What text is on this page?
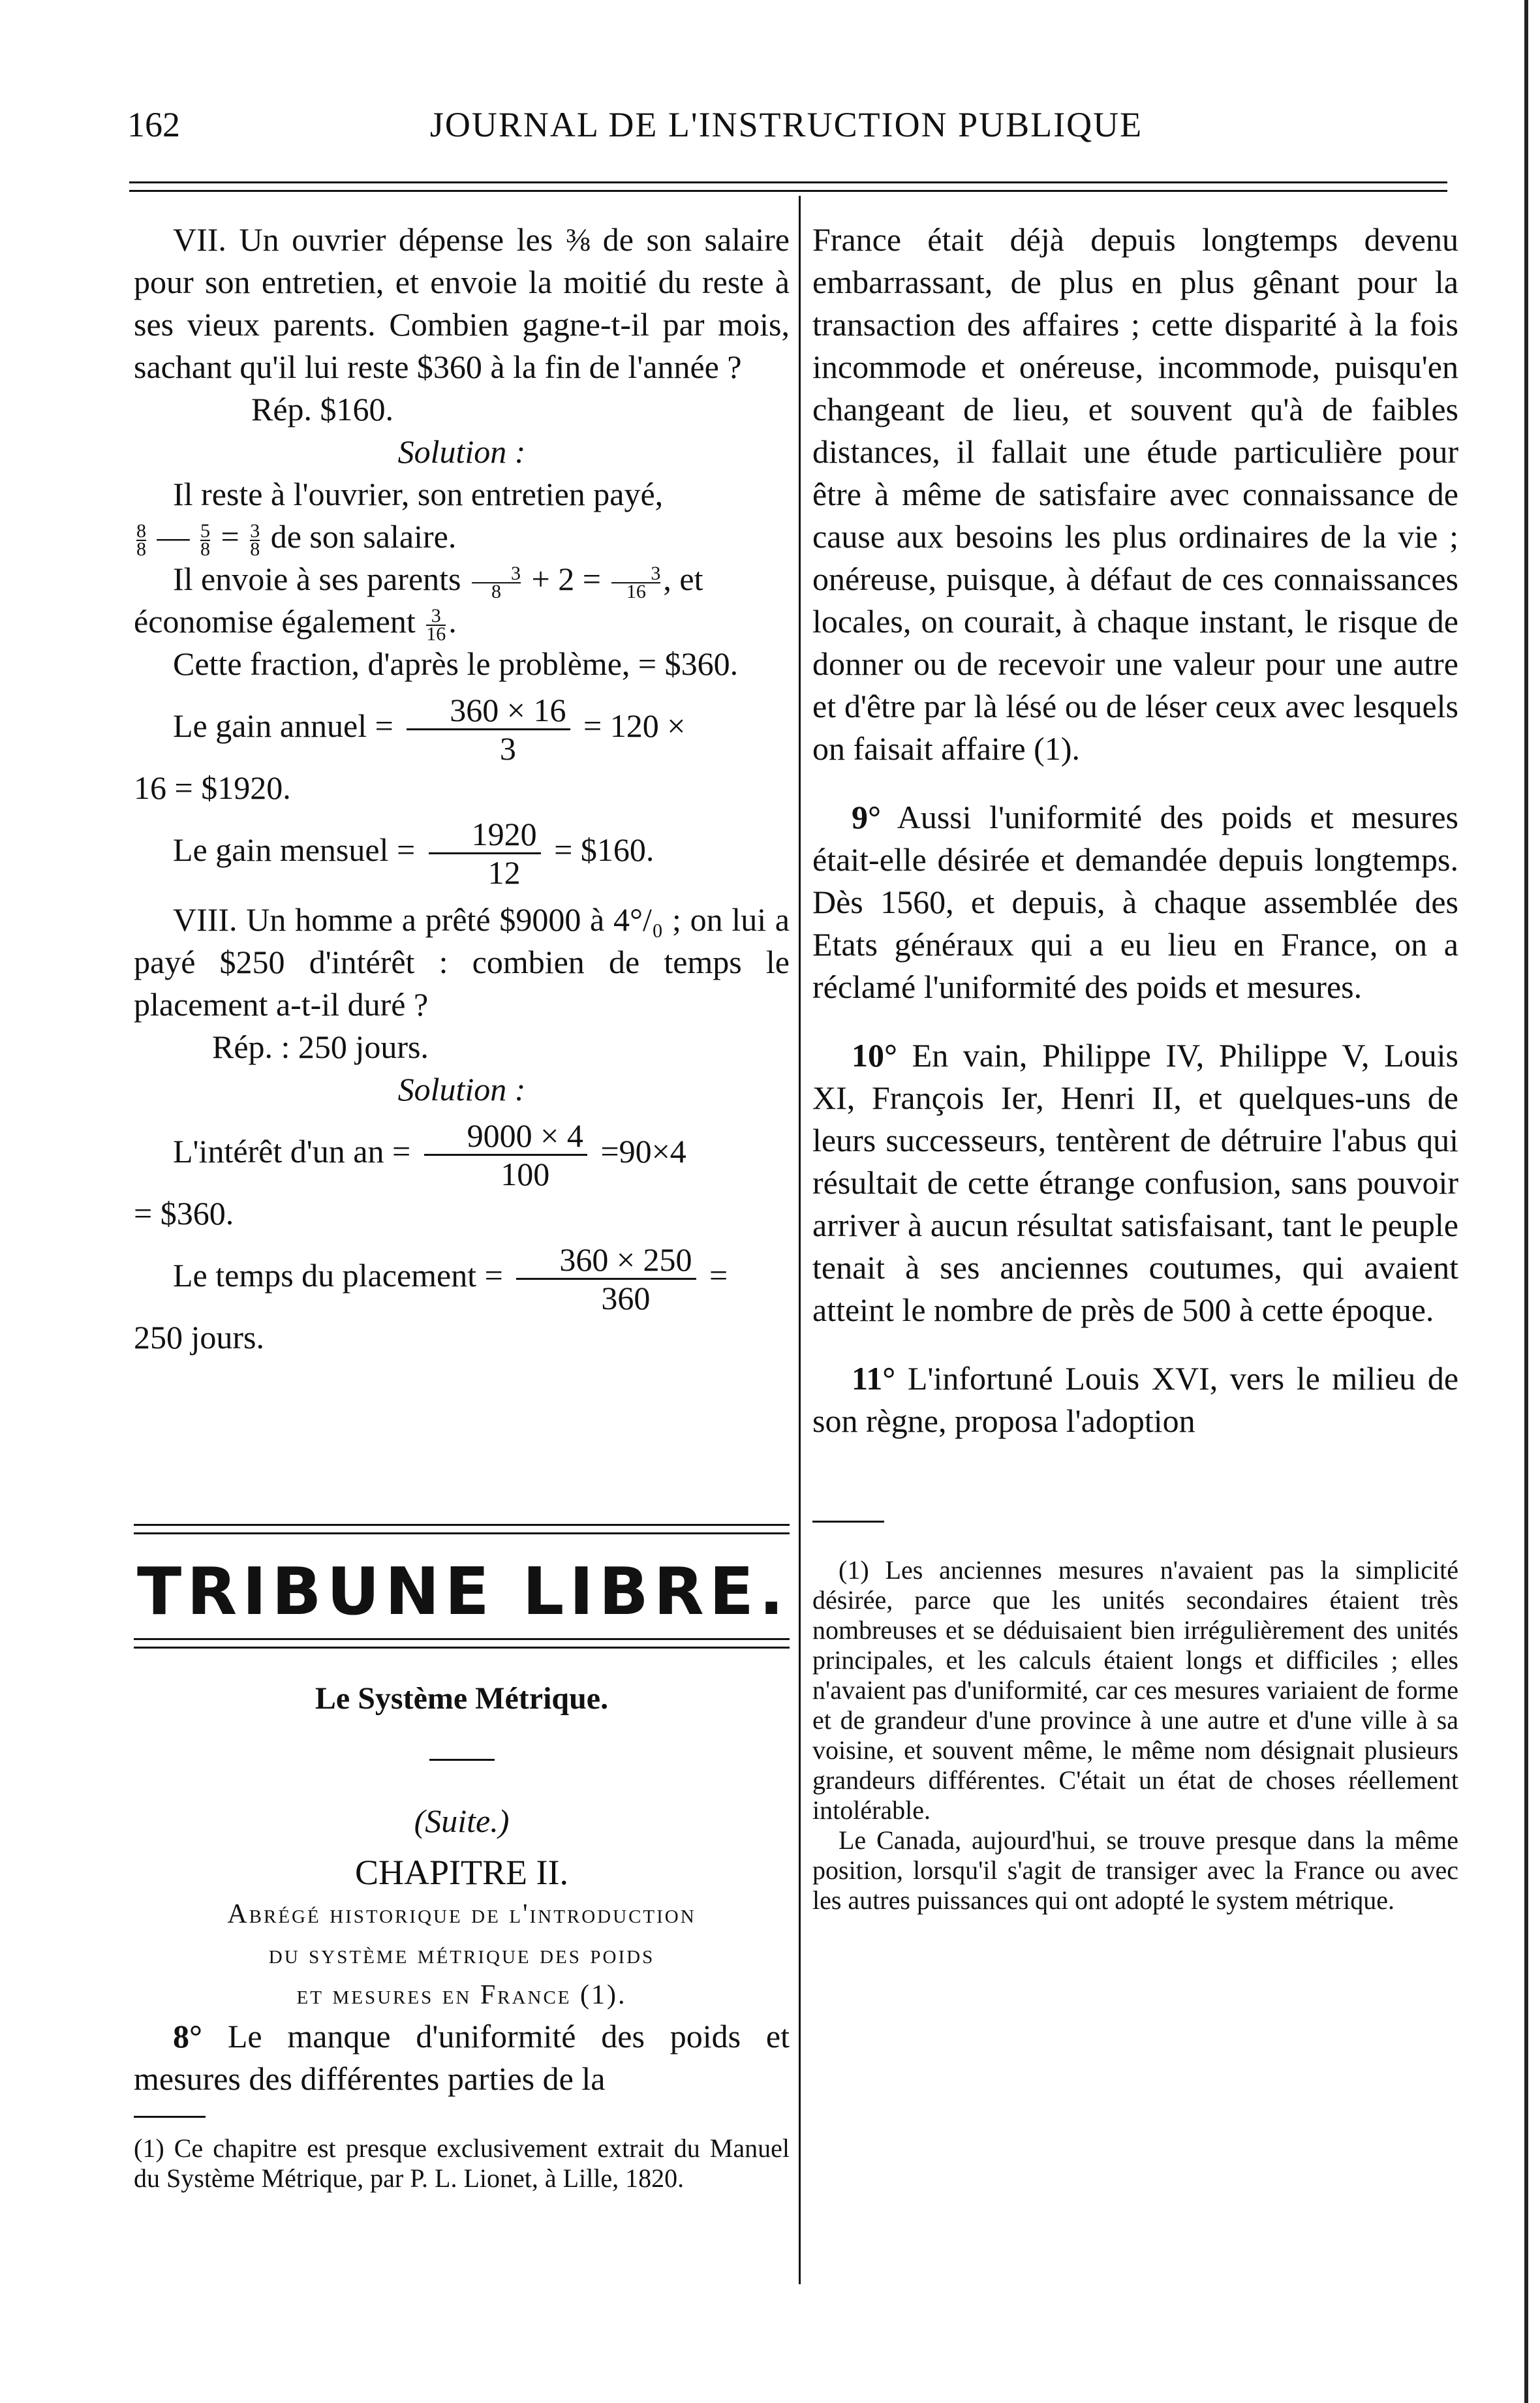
162	JOURNAL DE L'INSTRUCTION PUBLIQUE

VII. Un ouvrier dépense les ⅜ de son salaire pour son entretien, et envoie la moitié du reste à ses vieux parents. Combien gagne-t-il par mois, sachant qu'il lui reste $360 à la fin de l'année ?

Rép. $160.

Solution :

Il reste à l'ouvrier, son entretien payé,

$\frac{8}{8}$ — $\frac{5}{8} = \frac{3}{8}$ de son salaire.

Il envoie à ses parents $\frac{3}{8} + 2 = \frac{3}{16}$, et

économise également $\frac{3}{16}$.

Cette fraction, d'après le problème, = $360.

Le gain annuel = $\frac{360 \times 16}{3} = 120$ ×

16 = $1920.

Le gain mensuel = $\frac{1920}{12}$ = $160.

VIII. Un homme a prêté $9000 à 4°/₀ ; on lui a payé $250 d'intérêt : combien de temps le placement a-t-il duré ?

Rép. : 250 jours.

Solution :

L'intérêt d'un an = $\frac{9000 \times 4}{100} =90\times 4$

= $360.

Le temps du placement = $\frac{360 \times 250}{360}$ =

250 jours.

TRIBUNE LIBRE.

Le Système Métrique.

(Suite.)

CHAPITRE II.

Abrégé historique de l'introduction

du système métrique des poids

et mesures en France (1).

8° Le manque d'uniformité des poids et mesures des différentes parties de la

(1) Ce chapitre est presque exclusivement extrait du Manuel du Système Métrique, par P. L. Lionet, à Lille, 1820.

France était déjà depuis longtemps devenu embarrassant, de plus en plus gênant pour la transaction des affaires ; cette disparité à la fois incommode et onéreuse, incommode, puisqu'en changeant de lieu, et souvent qu'à de faibles distances, il fallait une étude particulière pour être à même de satisfaire avec connaissance de cause aux besoins les plus ordinaires de la vie ; onéreuse, puisque, à défaut de ces connaissances locales, on courait, à chaque instant, le risque de donner ou de recevoir une valeur pour une autre et d'être par là lésé ou de léser ceux avec lesquels on faisait affaire (1).

9° Aussi l'uniformité des poids et mesures était-elle désirée et demandée depuis longtemps. Dès 1560, et depuis, à chaque assemblée des Etats généraux qui a eu lieu en France, on a réclamé l'uniformité des poids et mesures.

10° En vain, Philippe IV, Philippe V, Louis XI, François Ier, Henri II, et quelques-uns de leurs successeurs, tentèrent de détruire l'abus qui résultait de cette étrange confusion, sans pouvoir arriver à aucun résultat satisfaisant, tant le peuple tenait à ses anciennes coutumes, qui avaient atteint le nombre de près de 500 à cette époque.

11° L'infortuné Louis XVI, vers le milieu de son règne, proposa l'adoption

(1) Les anciennes mesures n'avaient pas la simplicité désirée, parce que les unités secondaires étaient très nombreuses et se déduisaient bien irrégulièrement des unités principales, et les calculs étaient longs et difficiles ; elles n'avaient pas d'uniformité, car ces mesures variaient de forme et de grandeur d'une province à une autre et d'une ville à sa voisine, et souvent même, le même nom désignait plusieurs grandeurs différentes. C'était un état de choses réellement intolérable.

Le Canada, aujourd'hui, se trouve presque dans la même position, lorsqu'il s'agit de transiger avec la France ou avec les autres puissances qui ont adopté le system métrique.
